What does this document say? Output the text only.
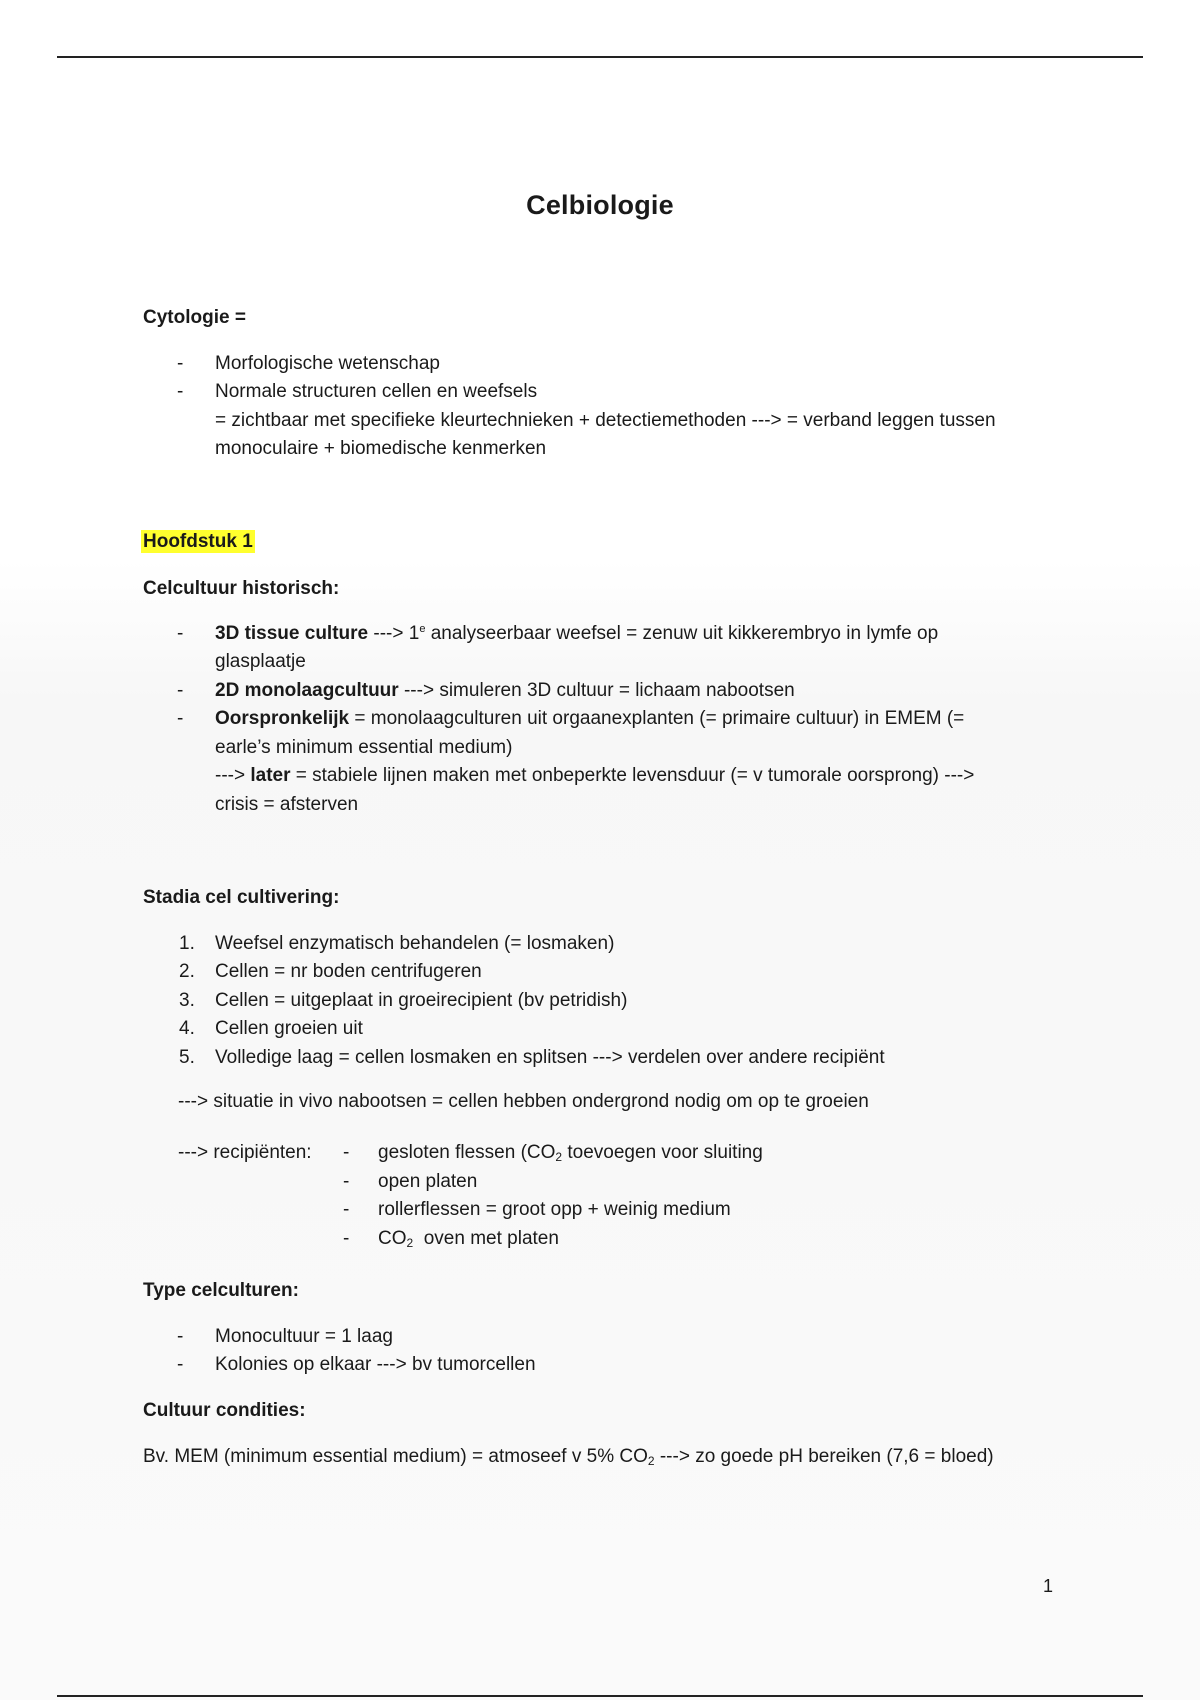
Celbiologie
Cytologie =
- Morfologische wetenschap
- Normale structuren cellen en weefsels
= zichtbaar met specifieke kleurtechnieken + detectiemethoden ---> = verband leggen tussen
monoculaire + biomedische kenmerken
Hoofdstuk 1
Celcultuur historisch:
- 3D tissue culture ---> $1^e$ analyseerbaar weefsel = zenuw uit kikkerembryo in lymfe op
glasplaatje
- 2D monolaagcultuur ---> simuleren 3D cultuur = lichaam nabootsen
- Oorspronkelijk = monolaagculturen uit orgaanexplanten (= primaire cultuur) in EMEM (=
earle’s minimum essential medium)
---> later = stabiele lijnen maken met onbeperkte levensduur (= v tumorale oorsprong) --->
crisis = afsterven
Stadia cel cultivering:
1. Weefsel enzymatisch behandelen (= losmaken)
2. Cellen = nr boden centrifugeren
3. Cellen = uitgeplaat in groeirecipient (bv petridish)
4. Cellen groeien uit
5. Volledige laag = cellen losmaken en splitsen ---> verdelen over andere recipiënt
---> situatie in vivo nabootsen = cellen hebben ondergrond nodig om op te groeien
---> recipiënten: - gesloten flessen ($CO_2$ toevoegen voor sluiting
- open platen
- rollerflessen = groot opp + weinig medium
- $CO_2$  oven met platen
Type celculturen:
- Monocultuur = 1 laag
- Kolonies op elkaar ---> bv tumorcellen
Cultuur condities:
Bv. MEM (minimum essential medium) = atmoseef v 5% $CO_2$ ---> zo goede pH bereiken (7,6 = bloed)
1
